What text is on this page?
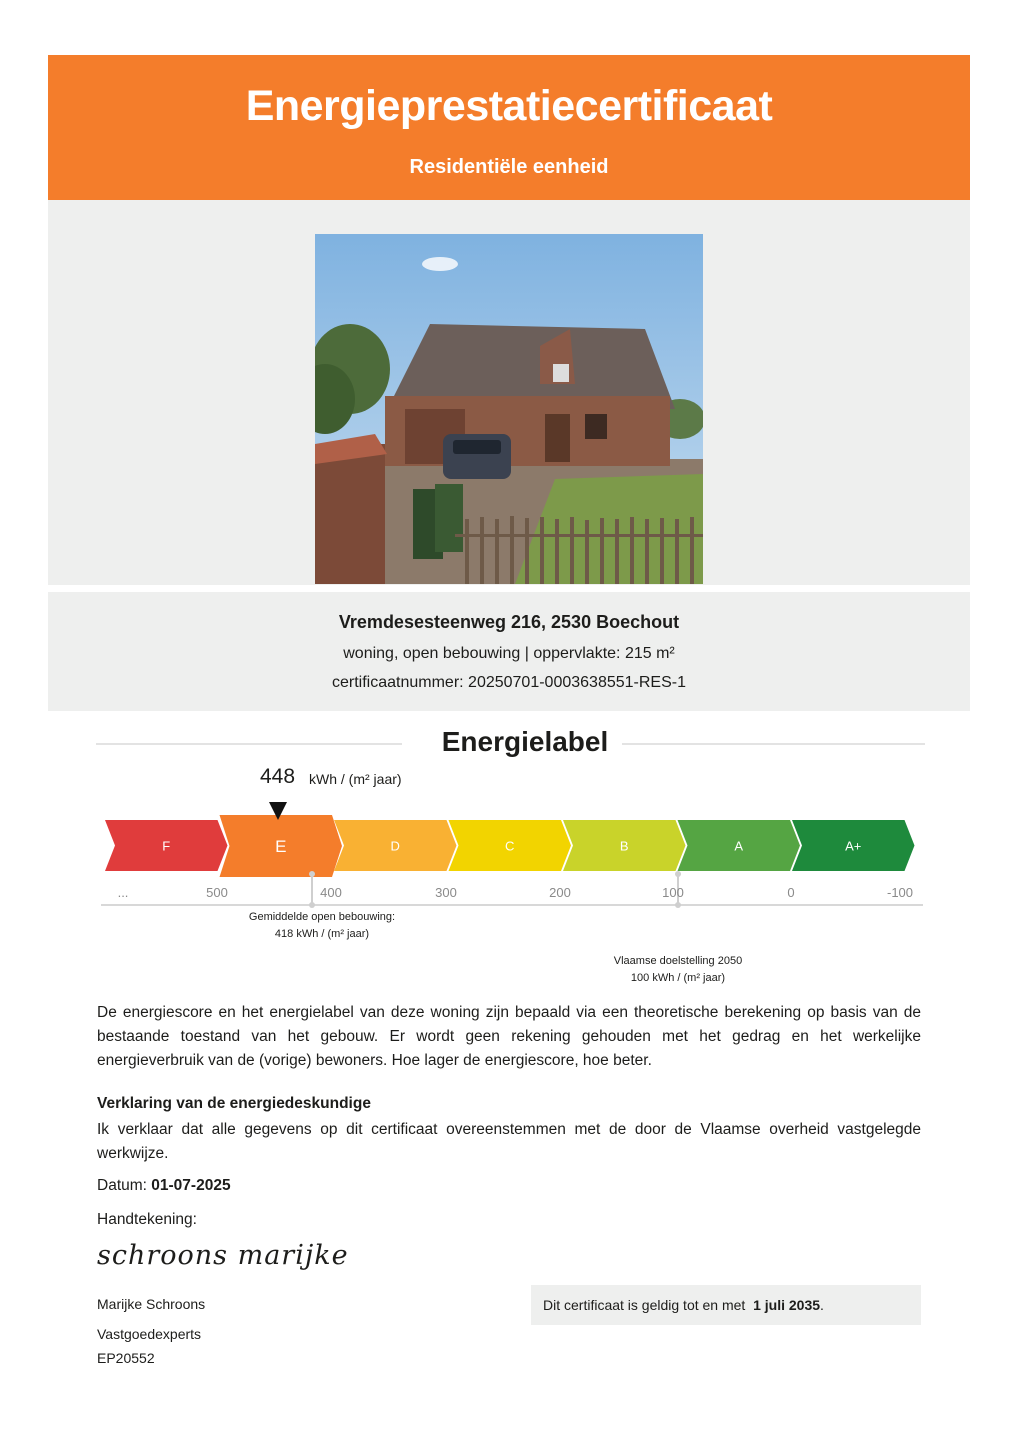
Energieprestatiecertificaat
Residentiële eenheid
Vremdesesteenweg 216, 2530 Boechout
woning, open bebouwing | oppervlakte: 215 m²
certificaatnummer: 20250701-0003638551-RES-1
Energielabel
448 kWh / (m² jaar)
F	E	D	C	B	A	A+
...	500	400	300	200	100	0	-100
Gemiddelde open bebouwing:
418 kWh / (m² jaar)
Vlaamse doelstelling 2050
100 kWh / (m² jaar)
De energiescore en het energielabel van deze woning zijn bepaald via een theoretische berekening op basis van de bestaande toestand van het gebouw. Er wordt geen rekening gehouden met het gedrag en het werkelijke energieverbruik van de (vorige) bewoners. Hoe lager de energiescore, hoe beter.
Verklaring van de energiedeskundige
Ik verklaar dat alle gegevens op dit certificaat overeenstemmen met de door de Vlaamse overheid vastgelegde werkwijze.
Datum: 01-07-2025
Handtekening:
schroons marijke
Marijke Schroons
Vastgoedexperts
EP20552
Dit certificaat is geldig tot en met 1 juli 2035.
